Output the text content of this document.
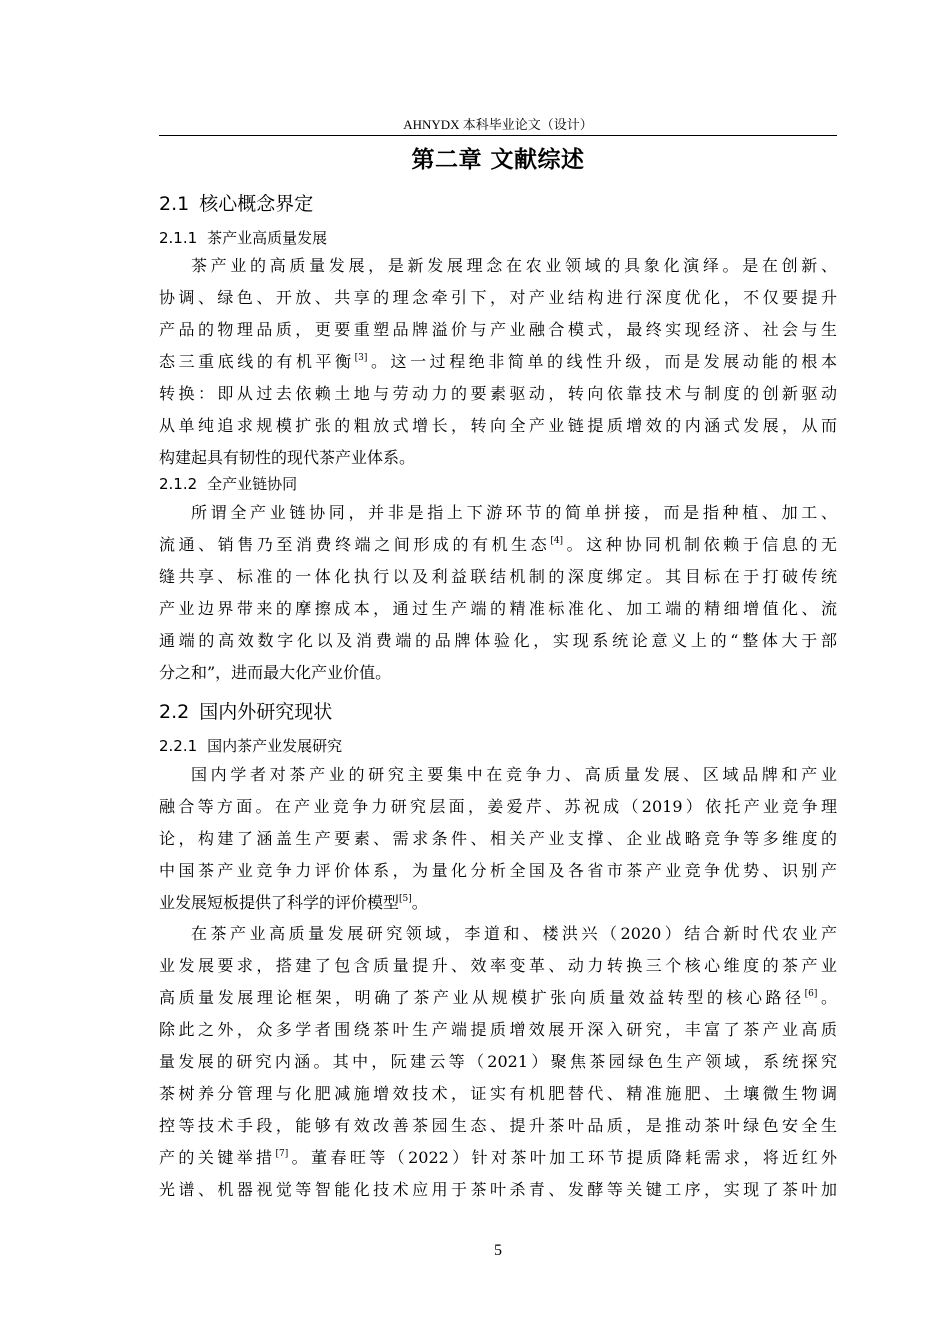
AHNYDX 本科毕业论文（设计）
第二章 文献综述
2.1 核心概念界定
2.1.1 茶产业高质量发展
茶产业的高质量发展，是新发展理念在农业领域的具象化演绎。是在创新、
协调、绿色、开放、共享的理念牵引下，对产业结构进行深度优化，不仅要提升
产品的物理品质，更要重塑品牌溢价与产业融合模式，最终实现经济、社会与生
态三重底线的有机平衡[3]。这一过程绝非简单的线性升级，而是发展动能的根本
转换：即从过去依赖土地与劳动力的要素驱动，转向依靠技术与制度的创新驱动
从单纯追求规模扩张的粗放式增长，转向全产业链提质增效的内涵式发展，从而
构建起具有韧性的现代茶产业体系。
2.1.2 全产业链协同
所谓全产业链协同，并非是指上下游环节的简单拼接，而是指种植、加工、
流通、销售乃至消费终端之间形成的有机生态[4]。这种协同机制依赖于信息的无
缝共享、标准的一体化执行以及利益联结机制的深度绑定。其目标在于打破传统
产业边界带来的摩擦成本，通过生产端的精准标准化、加工端的精细增值化、流
通端的高效数字化以及消费端的品牌体验化，实现系统论意义上的“整体大于部
分之和”，进而最大化产业价值。
2.2 国内外研究现状
2.2.1 国内茶产业发展研究
国内学者对茶产业的研究主要集中在竞争力、高质量发展、区域品牌和产业
融合等方面。在产业竞争力研究层面，姜爱芹、苏祝成（2019）依托产业竞争理
论，构建了涵盖生产要素、需求条件、相关产业支撑、企业战略竞争等多维度的
中国茶产业竞争力评价体系，为量化分析全国及各省市茶产业竞争优势、识别产
业发展短板提供了科学的评价模型[5]。
在茶产业高质量发展研究领域，李道和、楼洪兴（2020）结合新时代农业产
业发展要求，搭建了包含质量提升、效率变革、动力转换三个核心维度的茶产业
高质量发展理论框架，明确了茶产业从规模扩张向质量效益转型的核心路径[6]。
除此之外，众多学者围绕茶叶生产端提质增效展开深入研究，丰富了茶产业高质
量发展的研究内涵。其中，阮建云等（2021）聚焦茶园绿色生产领域，系统探究
茶树养分管理与化肥减施增效技术，证实有机肥替代、精准施肥、土壤微生物调
控等技术手段，能够有效改善茶园生态、提升茶叶品质，是推动茶叶绿色安全生
产的关键举措[7]。董春旺等（2022）针对茶叶加工环节提质降耗需求，将近红外
光谱、机器视觉等智能化技术应用于茶叶杀青、发酵等关键工序，实现了茶叶加
5
